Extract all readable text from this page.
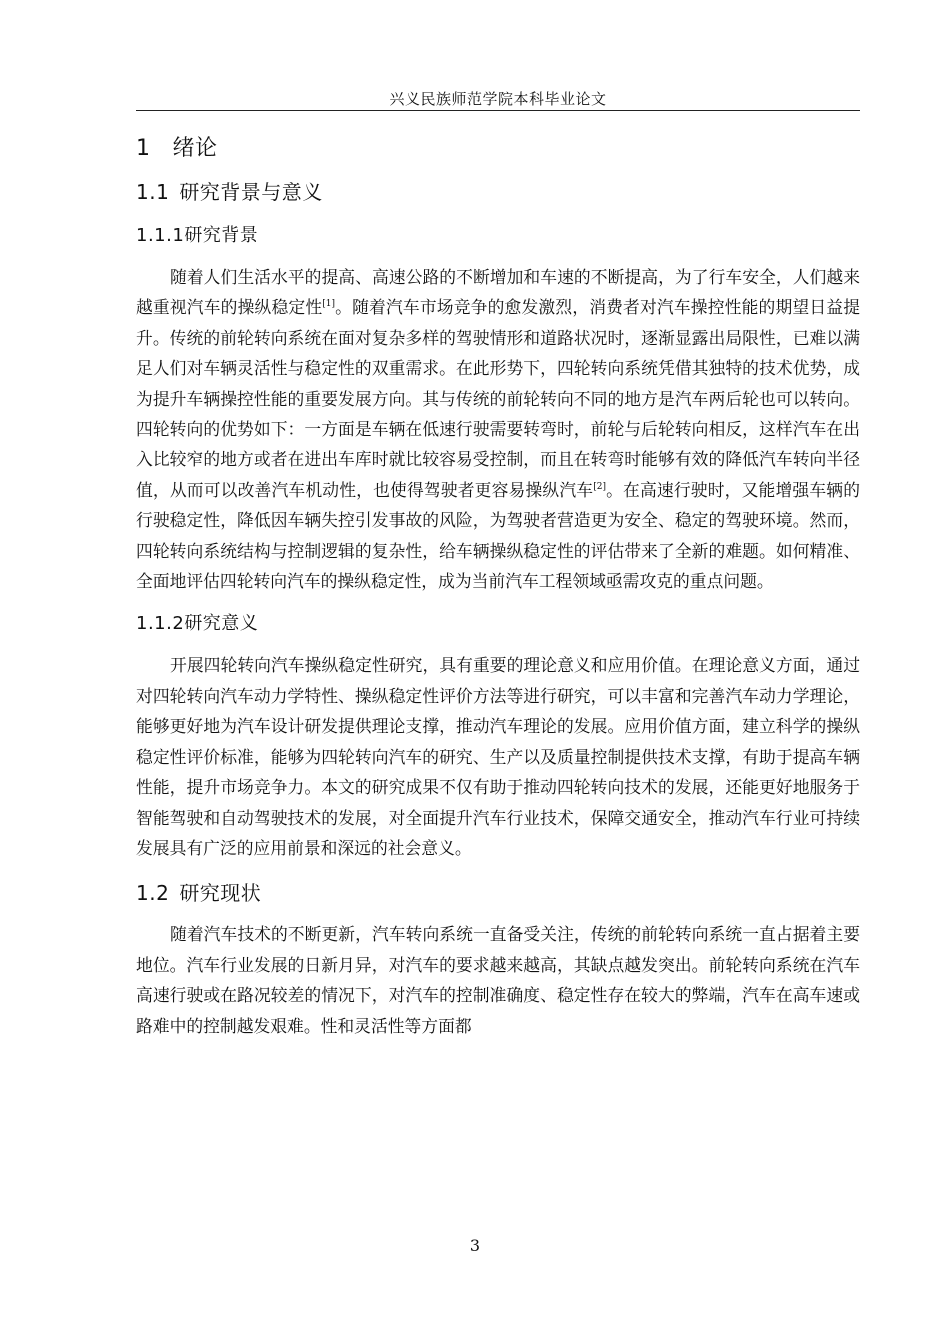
兴义民族师范学院本科毕业论文
1 绪论
1.1 研究背景与意义
1.1.1研究背景

随着人们生活水平的提高、高速公路的不断增加和车速的不断提高，为了行车安全，人们越来越重视汽车的操纵稳定性[1]。随着汽车市场竞争的愈发激烈，消费者对汽车操控性能的期望日益提升。传统的前轮转向系统在面对复杂多样的驾驶情形和道路状况时，逐渐显露出局限性，已难以满足人们对车辆灵活性与稳定性的双重需求。在此形势下，四轮转向系统凭借其独特的技术优势，成为提升车辆操控性能的重要发展方向。其与传统的前轮转向不同的地方是汽车两后轮也可以转向。四轮转向的优势如下：一方面是车辆在低速行驶需要转弯时，前轮与后轮转向相反，这样汽车在出入比较窄的地方或者在进出车库时就比较容易受控制，而且在转弯时能够有效的降低汽车转向半径值，从而可以改善汽车机动性，也使得驾驶者更容易操纵汽车[2]。在高速行驶时，又能增强车辆的行驶稳定性，降低因车辆失控引发事故的风险，为驾驶者营造更为安全、稳定的驾驶环境。然而，四轮转向系统结构与控制逻辑的复杂性，给车辆操纵稳定性的评估带来了全新的难题。如何精准、全面地评估四轮转向汽车的操纵稳定性，成为当前汽车工程领域亟需攻克的重点问题。

1.1.2研究意义

开展四轮转向汽车操纵稳定性研究，具有重要的理论意义和应用价值。在理论意义方面，通过对四轮转向汽车动力学特性、操纵稳定性评价方法等进行研究，可以丰富和完善汽车动力学理论，能够更好地为汽车设计研发提供理论支撑，推动汽车理论的发展。应用价值方面，建立科学的操纵稳定性评价标准，能够为四轮转向汽车的研究、生产以及质量控制提供技术支撑，有助于提高车辆性能，提升市场竞争力。本文的研究成果不仅有助于推动四轮转向技术的发展，还能更好地服务于智能驾驶和自动驾驶技术的发展，对全面提升汽车行业技术，保障交通安全，推动汽车行业可持续发展具有广泛的应用前景和深远的社会意义。

1.2 研究现状

随着汽车技术的不断更新，汽车转向系统一直备受关注，传统的前轮转向系统一直占据着主要地位。汽车行业发展的日新月异，对汽车的要求越来越高，其缺点越发突出。前轮转向系统在汽车高速行驶或在路况较差的情况下，对汽车的控制准确度、稳定性存在较大的弊端，汽车在高车速或路难中的控制越发艰难。性和灵活性等方面都

3
